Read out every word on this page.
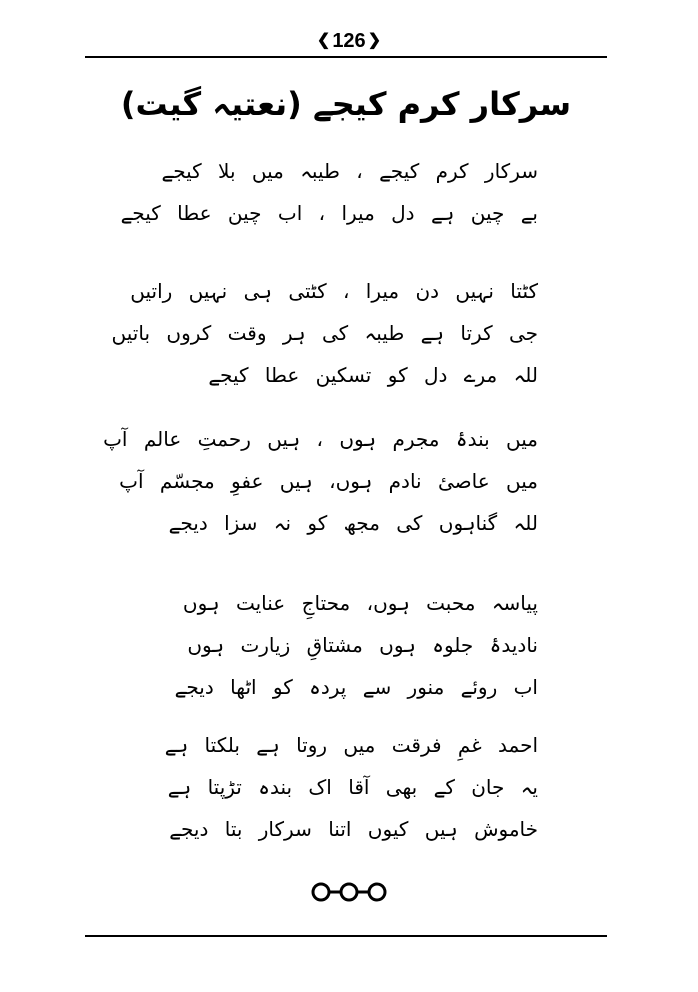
❮ 126 ❯
سرکار کرم کیجے (نعتیہ گیت)
سرکار کرم کیجے ، طیبہ میں بلا کیجے
بے چین ہے دل میرا ، اب چین عطا کیجے
کٹتا نہیں دن میرا ، کٹتی ہی نہیں راتیں
جی کرتا ہے طیبہ کی ہر وقت کروں باتیں
للہ مرے دل کو تسکین عطا کیجے
میں بندۂ مجرم ہوں ، ہیں رحمتِ عالم آپ
میں عاصیٔ نادم ہوں، ہیں عفوِ مجسّم آپ
للہ گناہوں کی مجھ کو نہ سزا دیجے
پیاسہ محبت ہوں، محتاجِ عنایت ہوں
نادیدۂ جلوہ ہوں مشتاقِ زیارت ہوں
اب روئے منور سے پردہ کو اٹھا دیجے
احمد غمِ فرقت میں روتا ہے بلکتا ہے
یہ جان کے بھی آقا اک بندہ تڑپتا ہے
خاموش ہیں کیوں اتنا سرکار بتا دیجے
